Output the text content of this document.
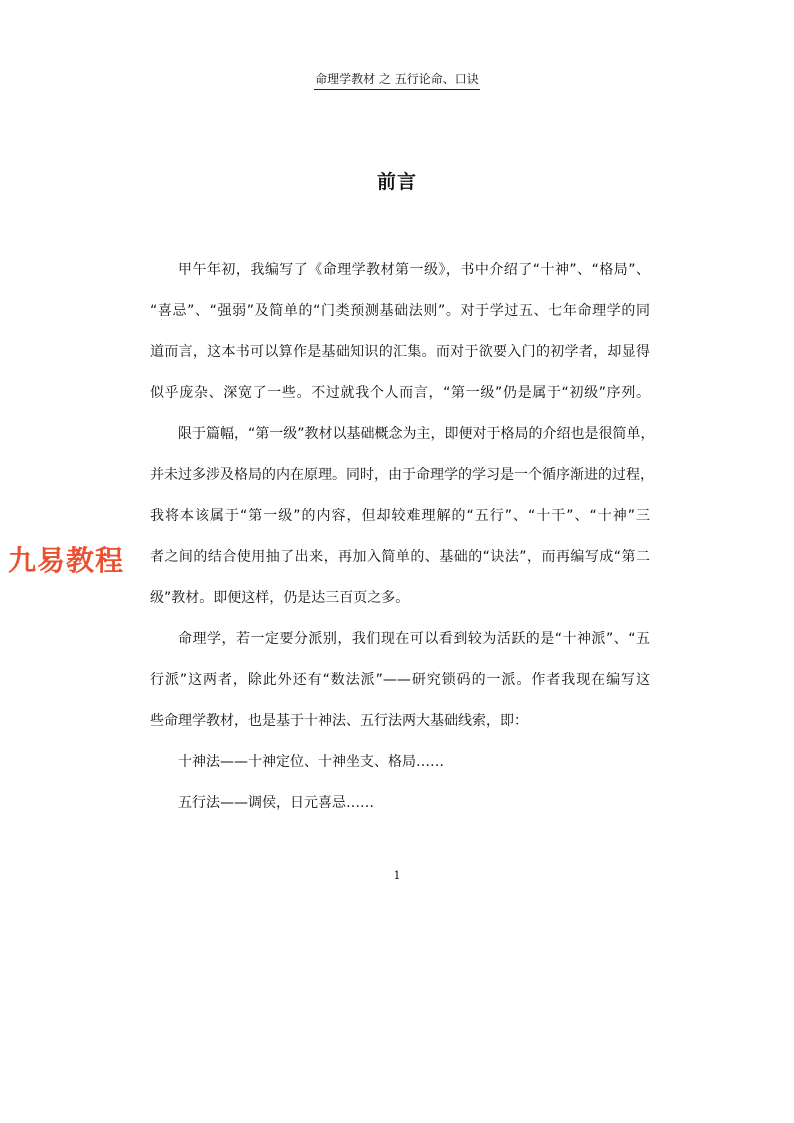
命理学教材 之 五行论命、口诀
前言
甲午年初，我编写了《命理学教材第一级》，书中介绍了“十神”、“格局”、
“喜忌”、“强弱”及简单的“门类预测基础法则”。对于学过五、七年命理学的同
道而言，这本书可以算作是基础知识的汇集。而对于欲要入门的初学者，却显得
似乎庞杂、深宽了一些。不过就我个人而言，“第一级”仍是属于“初级”序列。
限于篇幅，“第一级”教材以基础概念为主，即便对于格局的介绍也是很简单，
并未过多涉及格局的内在原理。同时，由于命理学的学习是一个循序渐进的过程，
我将本该属于“第一级”的内容，但却较难理解的“五行”、“十干”、“十神”三
者之间的结合使用抽了出来，再加入简单的、基础的“诀法”，而再编写成“第二
级”教材。即便这样，仍是达三百页之多。
命理学，若一定要分派别，我们现在可以看到较为活跃的是“十神派”、“五
行派”这两者，除此外还有“数法派”——研究锁码的一派。作者我现在编写这
些命理学教材，也是基于十神法、五行法两大基础线索，即：
十神法——十神定位、十神坐支、格局……
五行法——调侯，日元喜忌……
九易教程
1
